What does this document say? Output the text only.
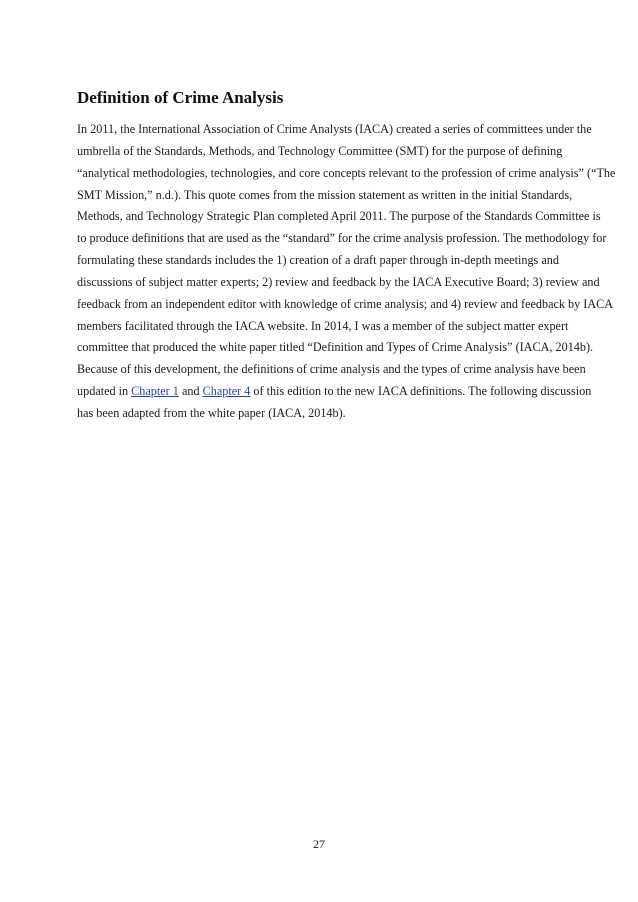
Definition of Crime Analysis
In 2011, the International Association of Crime Analysts (IACA) created a series of committees under the
umbrella of the Standards, Methods, and Technology Committee (SMT) for the purpose of defining
“analytical methodologies, technologies, and core concepts relevant to the profession of crime analysis” (“The
SMT Mission,” n.d.). This quote comes from the mission statement as written in the initial Standards,
Methods, and Technology Strategic Plan completed April 2011. The purpose of the Standards Committee is
to produce definitions that are used as the “standard” for the crime analysis profession. The methodology for
formulating these standards includes the 1) creation of a draft paper through in-depth meetings and
discussions of subject matter experts; 2) review and feedback by the IACA Executive Board; 3) review and
feedback from an independent editor with knowledge of crime analysis; and 4) review and feedback by IACA
members facilitated through the IACA website. In 2014, I was a member of the subject matter expert
committee that produced the white paper titled “Definition and Types of Crime Analysis” (IACA, 2014b).
Because of this development, the definitions of crime analysis and the types of crime analysis have been
updated in Chapter 1 and Chapter 4 of this edition to the new IACA definitions. The following discussion
has been adapted from the white paper (IACA, 2014b).
27
